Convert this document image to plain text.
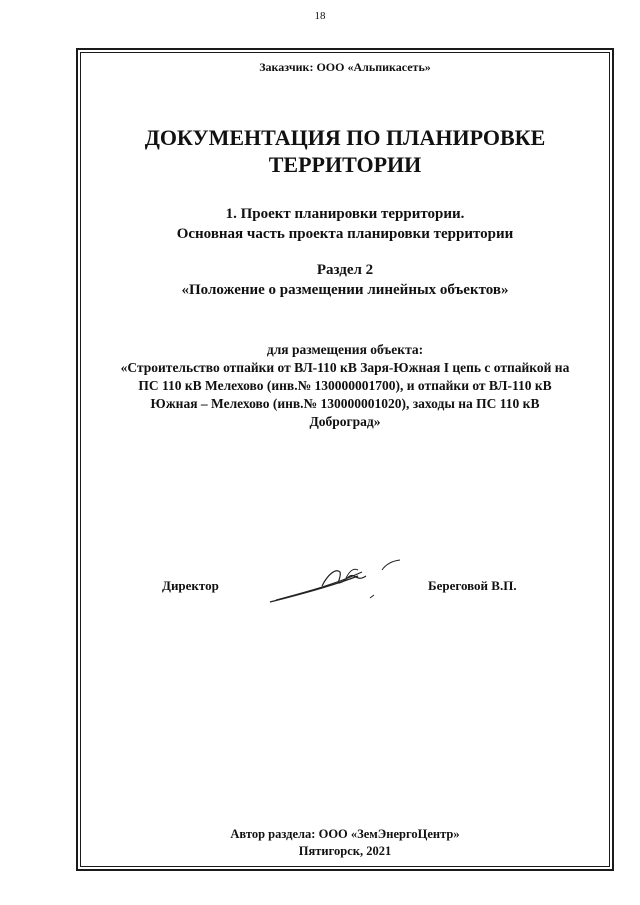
18
Заказчик: ООО «Альпикасеть»
ДОКУМЕНТАЦИЯ ПО ПЛАНИРОВКЕ
ТЕРРИТОРИИ
1. Проект планировки территории.
Основная часть проекта планировки территории
Раздел 2
«Положение о размещении линейных объектов»
для размещения объекта:
«Строительство отпайки от ВЛ-110 кВ Заря-Южная I цепь с отпайкой на
ПС 110 кВ Мелехово (инв.№ 130000001700), и отпайки от ВЛ-110 кВ
Южная – Мелехово (инв.№ 130000001020), заходы на ПС 110 кВ
Доброград»
Директор	Береговой В.П.
Автор раздела: ООО «ЗемЭнергоЦентр»
Пятигорск, 2021
